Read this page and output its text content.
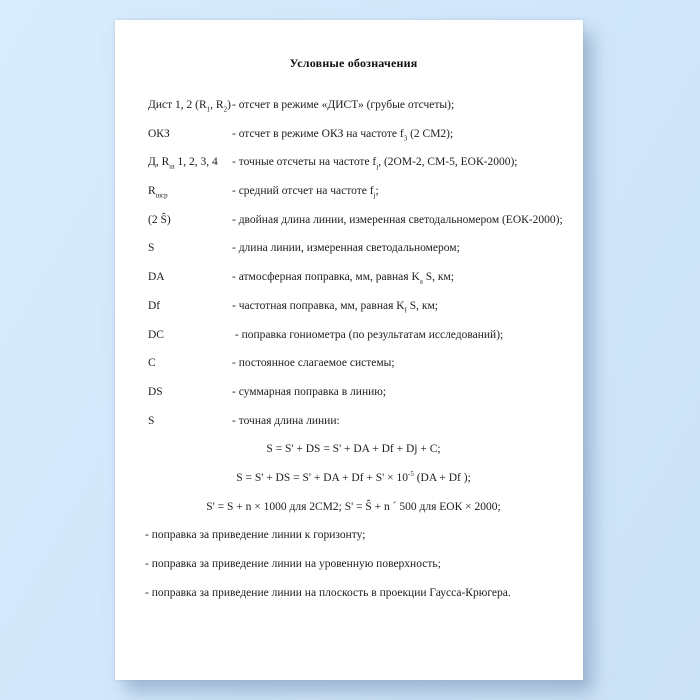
Условные обозначения
Дист 1, 2 ($R_1$, $R_2$) - отсчет в режиме «ДИСТ» (грубые отсчеты);
ОКЗ	- отсчет в режиме ОКЗ на частоте $f_3$ (2 СМ2);
Д, $R_ш$ 1, 2, 3, 4	- точные отсчеты на частоте $f_j$, (2ОМ-2, СМ-5, ЕОК-2000);
$R_{шср}$	- средний отсчет на частоте $f_j$;
(2 Ŝ)	- двойная длина линии, измеренная светодальномером (ЕОК-2000);
S	- длина линии, измеренная светодальномером;
DA	- атмосферная поправка, мм, равная $K_a$ S, км;
Df	- частотная поправка, мм, равная $K_f$ S, км;
DC	- поправка гониометра (по результатам исследований);
C	- постоянное слагаемое системы;
DS	- суммарная поправка в линию;
S	- точная длина линии:
S = S' + DS = S' + DA + Df + Dj + C;
S = S' + DS = S' + DA + $Df + S' \times 10^{-5}$ (DA + Df );
S' = S + n × 1000 для 2СМ2; S' = Ŝ + n ´ 500 для ЕОК × 2000;
- поправка за приведение линии к горизонту;
- поправка за приведение линии на уровенную поверхность;
- поправка за приведение линии на плоскость в проекции Гаусса-Крюгера.
